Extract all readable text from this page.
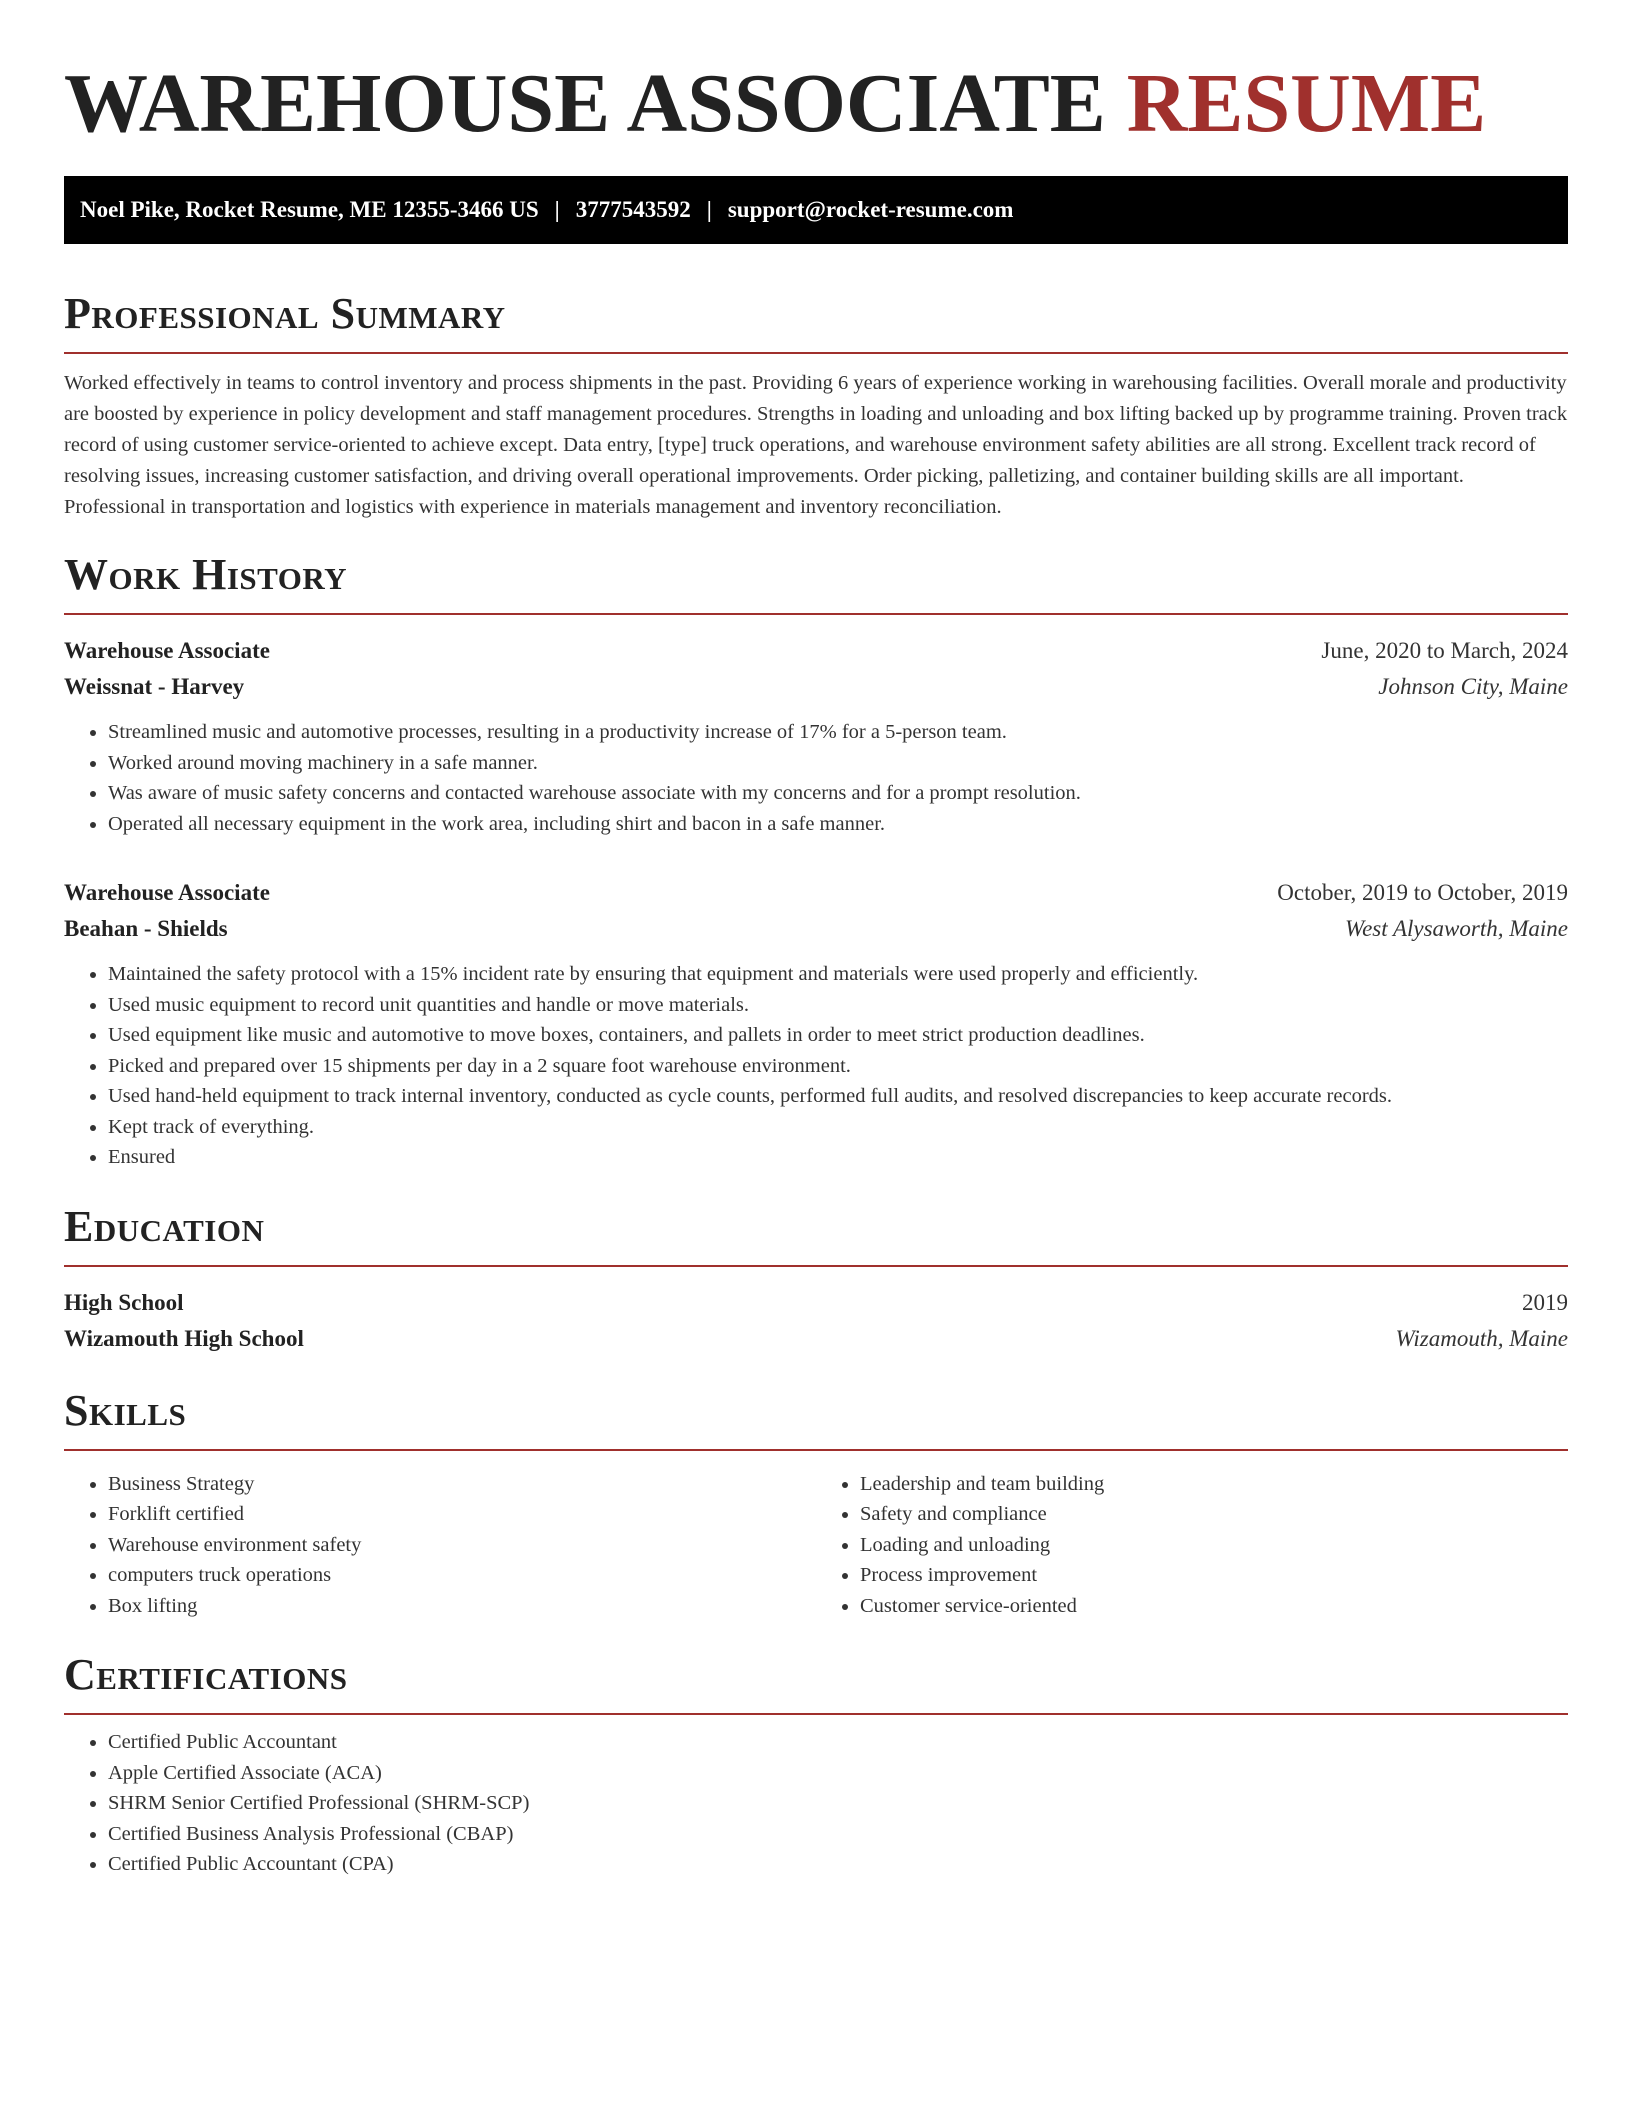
WAREHOUSE ASSOCIATE RESUME
Noel Pike, Rocket Resume, ME 12355-3466 US | 3777543592 | support@rocket-resume.com
Professional Summary

Worked effectively in teams to control inventory and process shipments in the past. Providing 6 years of experience working in warehousing facilities. Overall morale and productivity are boosted by experience in policy development and staff management procedures. Strengths in loading and unloading and box lifting backed up by programme training. Proven track record of using customer service-oriented to achieve except. Data entry, [type] truck operations, and warehouse environment safety abilities are all strong. Excellent track record of resolving issues, increasing customer satisfaction, and driving overall operational improvements. Order picking, palletizing, and container building skills are all important. Professional in transportation and logistics with experience in materials management and inventory reconciliation.

Work History
Warehouse Associate	June, 2020 to March, 2024
Weissnat - Harvey	Johnson City, Maine
• Streamlined music and automotive processes, resulting in a productivity increase of 17% for a 5-person team.
• Worked around moving machinery in a safe manner.
• Was aware of music safety concerns and contacted warehouse associate with my concerns and for a prompt resolution.
• Operated all necessary equipment in the work area, including shirt and bacon in a safe manner.
Warehouse Associate	October, 2019 to October, 2019
Beahan - Shields	West Alysaworth, Maine
• Maintained the safety protocol with a 15% incident rate by ensuring that equipment and materials were used properly and efficiently.
• Used music equipment to record unit quantities and handle or move materials.
• Used equipment like music and automotive to move boxes, containers, and pallets in order to meet strict production deadlines.
• Picked and prepared over 15 shipments per day in a 2 square foot warehouse environment.
• Used hand-held equipment to track internal inventory, conducted as cycle counts, performed full audits, and resolved discrepancies to keep accurate records.
• Kept track of everything.
• Ensured
Education
High School	2019
Wizamouth High School	Wizamouth, Maine
Skills
• Business Strategy
• Forklift certified
• Warehouse environment safety
• computers truck operations
• Box lifting
• Leadership and team building
• Safety and compliance
• Loading and unloading
• Process improvement
• Customer service-oriented
Certifications
• Certified Public Accountant
• Apple Certified Associate (ACA)
• SHRM Senior Certified Professional (SHRM-SCP)
• Certified Business Analysis Professional (CBAP)
• Certified Public Accountant (CPA)
